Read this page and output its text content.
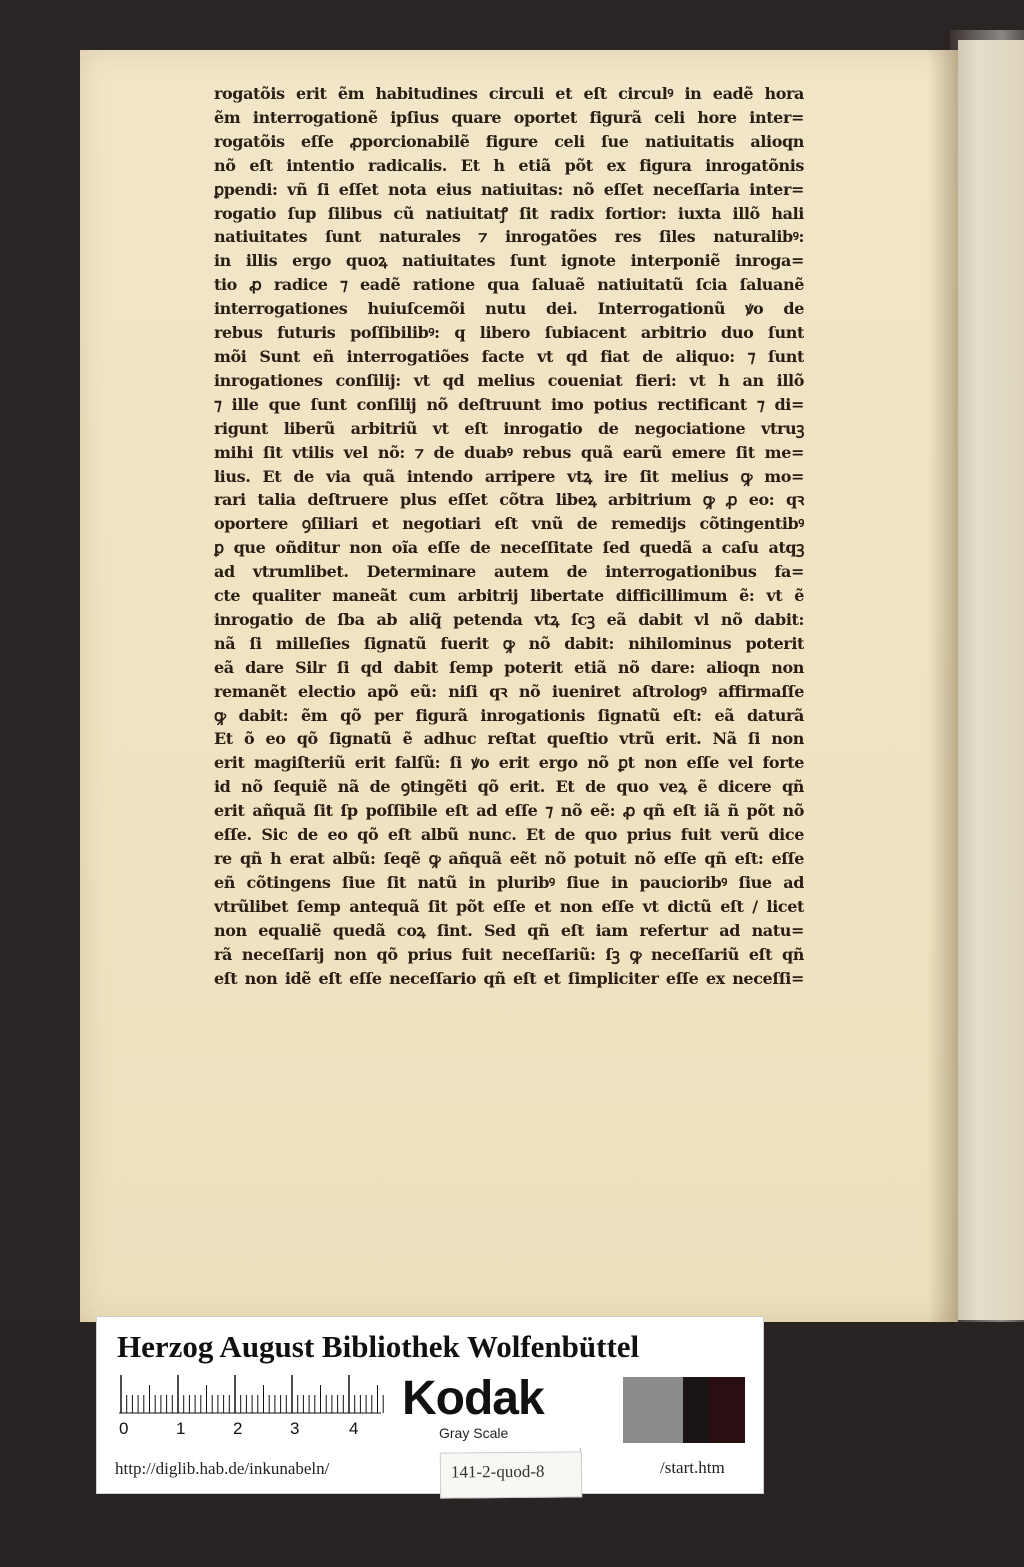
rogatõis erit ẽm habitudines circuli et eſt circulꝰ in eadẽ hora
ẽm interrogationẽ ipſius quare oportet figurã celi hore inter=
rogatõis eſſe ꝓporcionabilẽ figure celi ſue natiuitatis alioqn
nõ eſt intentio radicalis. Et h etiã põt ex figura inrogatõnis
ꝑpendi: vñ ſi eſſet nota eius natiuitas: nõ eſſet neceſſaria inter=
rogatio ſup ſilibus cũ natiuitatꝭ ſit radix fortior: iuxta illõ hali
natiuitates ſunt naturales ⁊ inrogatões res ſiles naturalibꝰ:
in illis ergo quoꝝ natiuitates ſunt ignote interponiẽ inroga=
tio ꝓ radice ⁊ eadẽ ratione qua ſaluaẽ natiuitatũ ſcia ſaluanẽ
interrogationes huiuſcemõi nutu dei. Interrogationũ ꝟo de
rebus futuris poſſibilibꝰ: q libero ſubiacent arbitrio duo ſunt
mõi Sunt eñ interrogatiões facte vt qd fiat de aliquo: ⁊ ſunt
inrogationes conſilij: vt qd melius coueniat fieri: vt h an illõ
⁊ ille que ſunt conſilij nõ deſtruunt imo potius rectificant ⁊ di=
rigunt liberũ arbitriũ vt eſt inrogatio de negociatione vtruꝫ
mihi ſit vtilis vel nõ: ⁊ de duabꝰ rebus quã earũ emere ſit me=
lius. Et de via quã intendo arripere vtꝝ ire ſit melius ꝙ mo=
rari talia deſtruere plus eſſet cõtra libeꝝ arbitrium ꝙ ꝓ eo: qꝛ
oportere ꝯſiliari et negotiari eſt vnũ de remedijs cõtingentibꝰ
ꝑ que oñditur non oĩa eſſe de neceſſitate ſed quedã a caſu atqꝫ
ad vtrumlibet. Determinare autem de interrogationibus fa=
cte qualiter maneãt cum arbitrij libertate difficillimum ẽ: vt ẽ
inrogatio de ſba ab aliq̃ petenda vtꝝ ſcꝫ eã dabit vl nõ dabit:
nã ſi milleſies ſignatũ fuerit ꝙ nõ dabit: nihilominus poterit
eã dare Silr ſi qd dabit ſemp poterit etiã nõ dare: alioqn non
remanẽt electio apõ eũ: niſi qꝛ nõ iueniret aſtrologꝰ affirmaſſe
ꝙ dabit: ẽm qõ per figurã inrogationis ſignatũ eſt: eã daturã
Et õ eo qõ ſignatũ ẽ adhuc reſtat queſtio vtrũ erit. Nã ſi non
erit magiſteriũ erit falſũ: ſi ꝟo erit ergo nõ ꝑt non eſſe vel forte
id nõ ſequiẽ nã de ꝯtingẽti qõ erit. Et de quo veꝝ ẽ dicere qñ
erit añquã ſit ſp poſſibile eſt ad eſſe ⁊ nõ eẽ: ꝓ qñ eſt iã ñ põt nõ
eſſe. Sic de eo qõ eſt albũ nunc. Et de quo prius fuit verũ dice
re qñ h erat albũ: ſeqẽ ꝙ añquã eẽt nõ potuit nõ eſſe qñ eſt: eſſe
eñ cõtingens ſiue ſit natũ in pluribꝰ ſiue in paucioribꝰ ſiue ad
vtrũlibet ſemp antequã ſit põt eſſe et non eſſe vt dictũ eſt / licet
non equaliẽ quedã coꝝ ſint. Sed qñ eſt iam refertur ad natu=
rã neceſſarij non qõ prius fuit neceſſariũ: ſꝫ ꝙ neceſſariũ eſt qñ
eſt non idẽ eſt eſſe neceſſario qñ eſt et ſimpliciter eſſe ex neceſſi=
Herzog August Bibliothek Wolfenbüttel
0	1	2	3	4
Kodak
Gray Scale
http://diglib.hab.de/inkunabeln/	141-2-quod-8	/start.htm
